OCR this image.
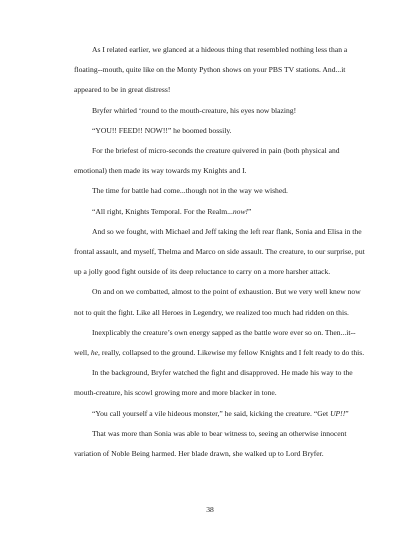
As I related earlier, we glanced at a hideous thing that resembled nothing less than a
floating--mouth, quite like on the Monty Python shows on your PBS TV stations. And...it
appeared to be in great distress!
Bryfer whirled ‘round to the mouth-creature, his eyes now blazing!
“YOU!! FEED!! NOW!!” he boomed bossily.
For the briefest of micro-seconds the creature quivered in pain (both physical and
emotional) then made its way towards my Knights and I.
The time for battle had come...though not in the way we wished.
“All right, Knights Temporal. For the Realm...now!”
And so we fought, with Michael and Jeff taking the left rear flank, Sonia and Elisa in the
frontal assault, and myself, Thelma and Marco on side assault. The creature, to our surprise, put
up a jolly good fight outside of its deep reluctance to carry on a more harsher attack.
On and on we combatted, almost to the point of exhaustion. But we very well knew now
not to quit the fight. Like all Heroes in Legendry, we realized too much had ridden on this.
Inexplicably the creature’s own energy sapped as the battle wore ever so on. Then...it--
well, he, really, collapsed to the ground. Likewise my fellow Knights and I felt ready to do this.
In the background, Bryfer watched the fight and disapproved. He made his way to the
mouth-creature, his scowl growing more and more blacker in tone.
“You call yourself a vile hideous monster,” he said, kicking the creature. “Get UP!!”
That was more than Sonia was able to bear witness to, seeing an otherwise innocent
variation of Noble Being harmed. Her blade drawn, she walked up to Lord Bryfer.
38
